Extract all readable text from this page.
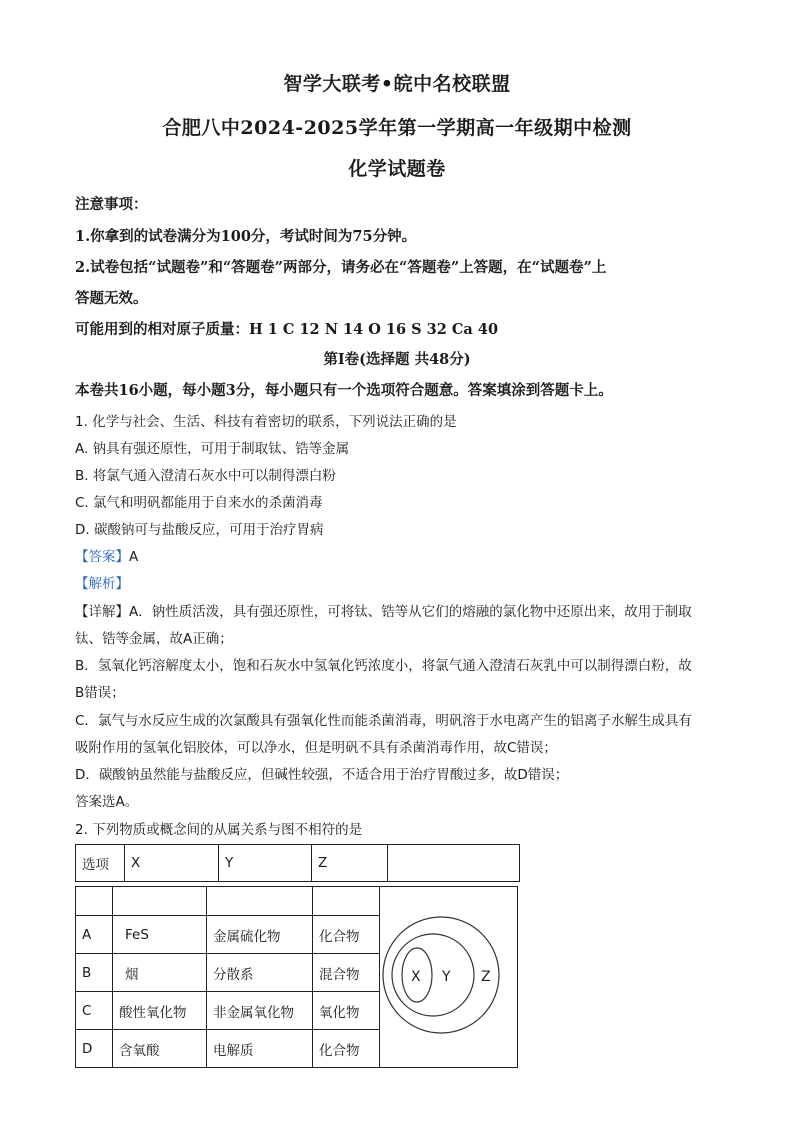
智学大联考•皖中名校联盟
合肥八中2024-2025学年第一学期高一年级期中检测
化学试题卷
注意事项：
1.你拿到的试卷满分为100分，考试时间为75分钟。
2.试卷包括“试题卷”和“答题卷”两部分，请务必在“答题卷”上答题，在“试题卷”上
答题无效。
可能用到的相对原子质量：H 1 C 12 N 14 O 16 S 32 Ca 40
第Ⅰ卷(选择题 共48分)
本卷共16小题，每小题3分，每小题只有一个选项符合题意。答案填涂到答题卡上。
1. 化学与社会、生活、科技有着密切的联系，下列说法正确的是
A. 钠具有强还原性，可用于制取钛、锆等金属
B. 将氯气通入澄清石灰水中可以制得漂白粉
C. 氯气和明矾都能用于自来水的杀菌消毒
D. 碳酸钠可与盐酸反应，可用于治疗胃病
【答案】A
【解析】
【详解】A．钠性质活泼，具有强还原性，可将钛、锆等从它们的熔融的氯化物中还原出来，故用于制取
钛、锆等金属，故A正确；
B．氢氧化钙溶解度太小，饱和石灰水中氢氧化钙浓度小，将氯气通入澄清石灰乳中可以制得漂白粉，故
B错误；
C．氯气与水反应生成的次氯酸具有强氧化性而能杀菌消毒，明矾溶于水电离产生的铝离子水解生成具有
吸附作用的氢氧化铝胶体，可以净水，但是明矾不具有杀菌消毒作用，故C错误；
D．碳酸钠虽然能与盐酸反应，但碱性较强，不适合用于治疗胃酸过多，故D错误；
答案选A。
2. 下列物质或概念间的从属关系与图不相符的是
选项	X	Y	Z	

A	FeS	金属硫化物	化合物
B	烟	分散系	混合物
C	酸性氧化物	非金属氧化物	氧化物
D	含氧酸	电解质	化合物
X Y Z
